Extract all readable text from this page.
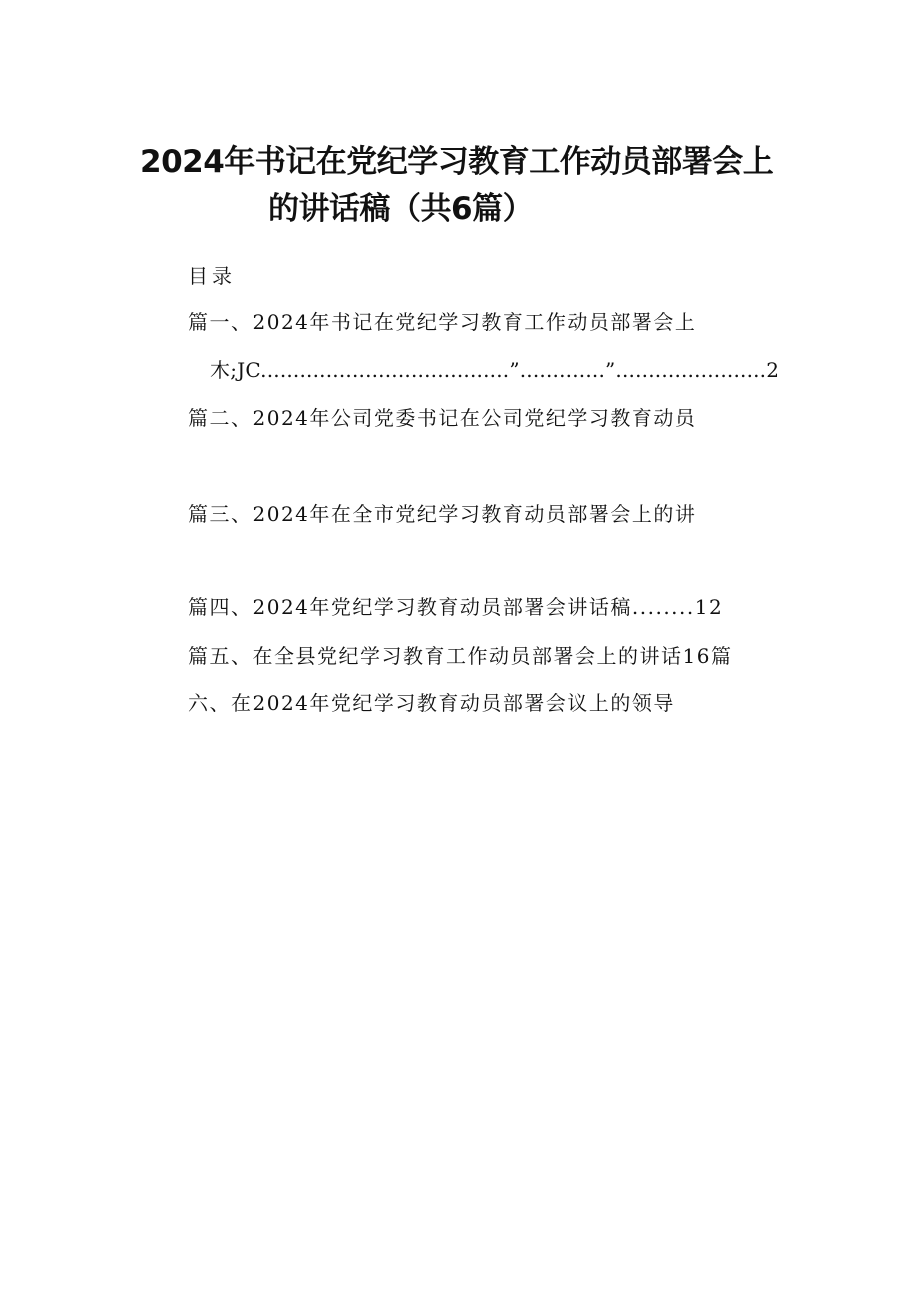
2024年书记在党纪学习教育工作动员部署会上
的讲话稿（共6篇）
目录
篇一、2024年书记在党纪学习教育工作动员部署会上
木;JC......................................”.............”.......................2
篇二、2024年公司党委书记在公司党纪学习教育动员
篇三、2024年在全市党纪学习教育动员部署会上的讲
篇四、2024年党纪学习教育动员部署会讲话稿........12
篇五、在全县党纪学习教育工作动员部署会上的讲话16篇
六、在2024年党纪学习教育动员部署会议上的领导
